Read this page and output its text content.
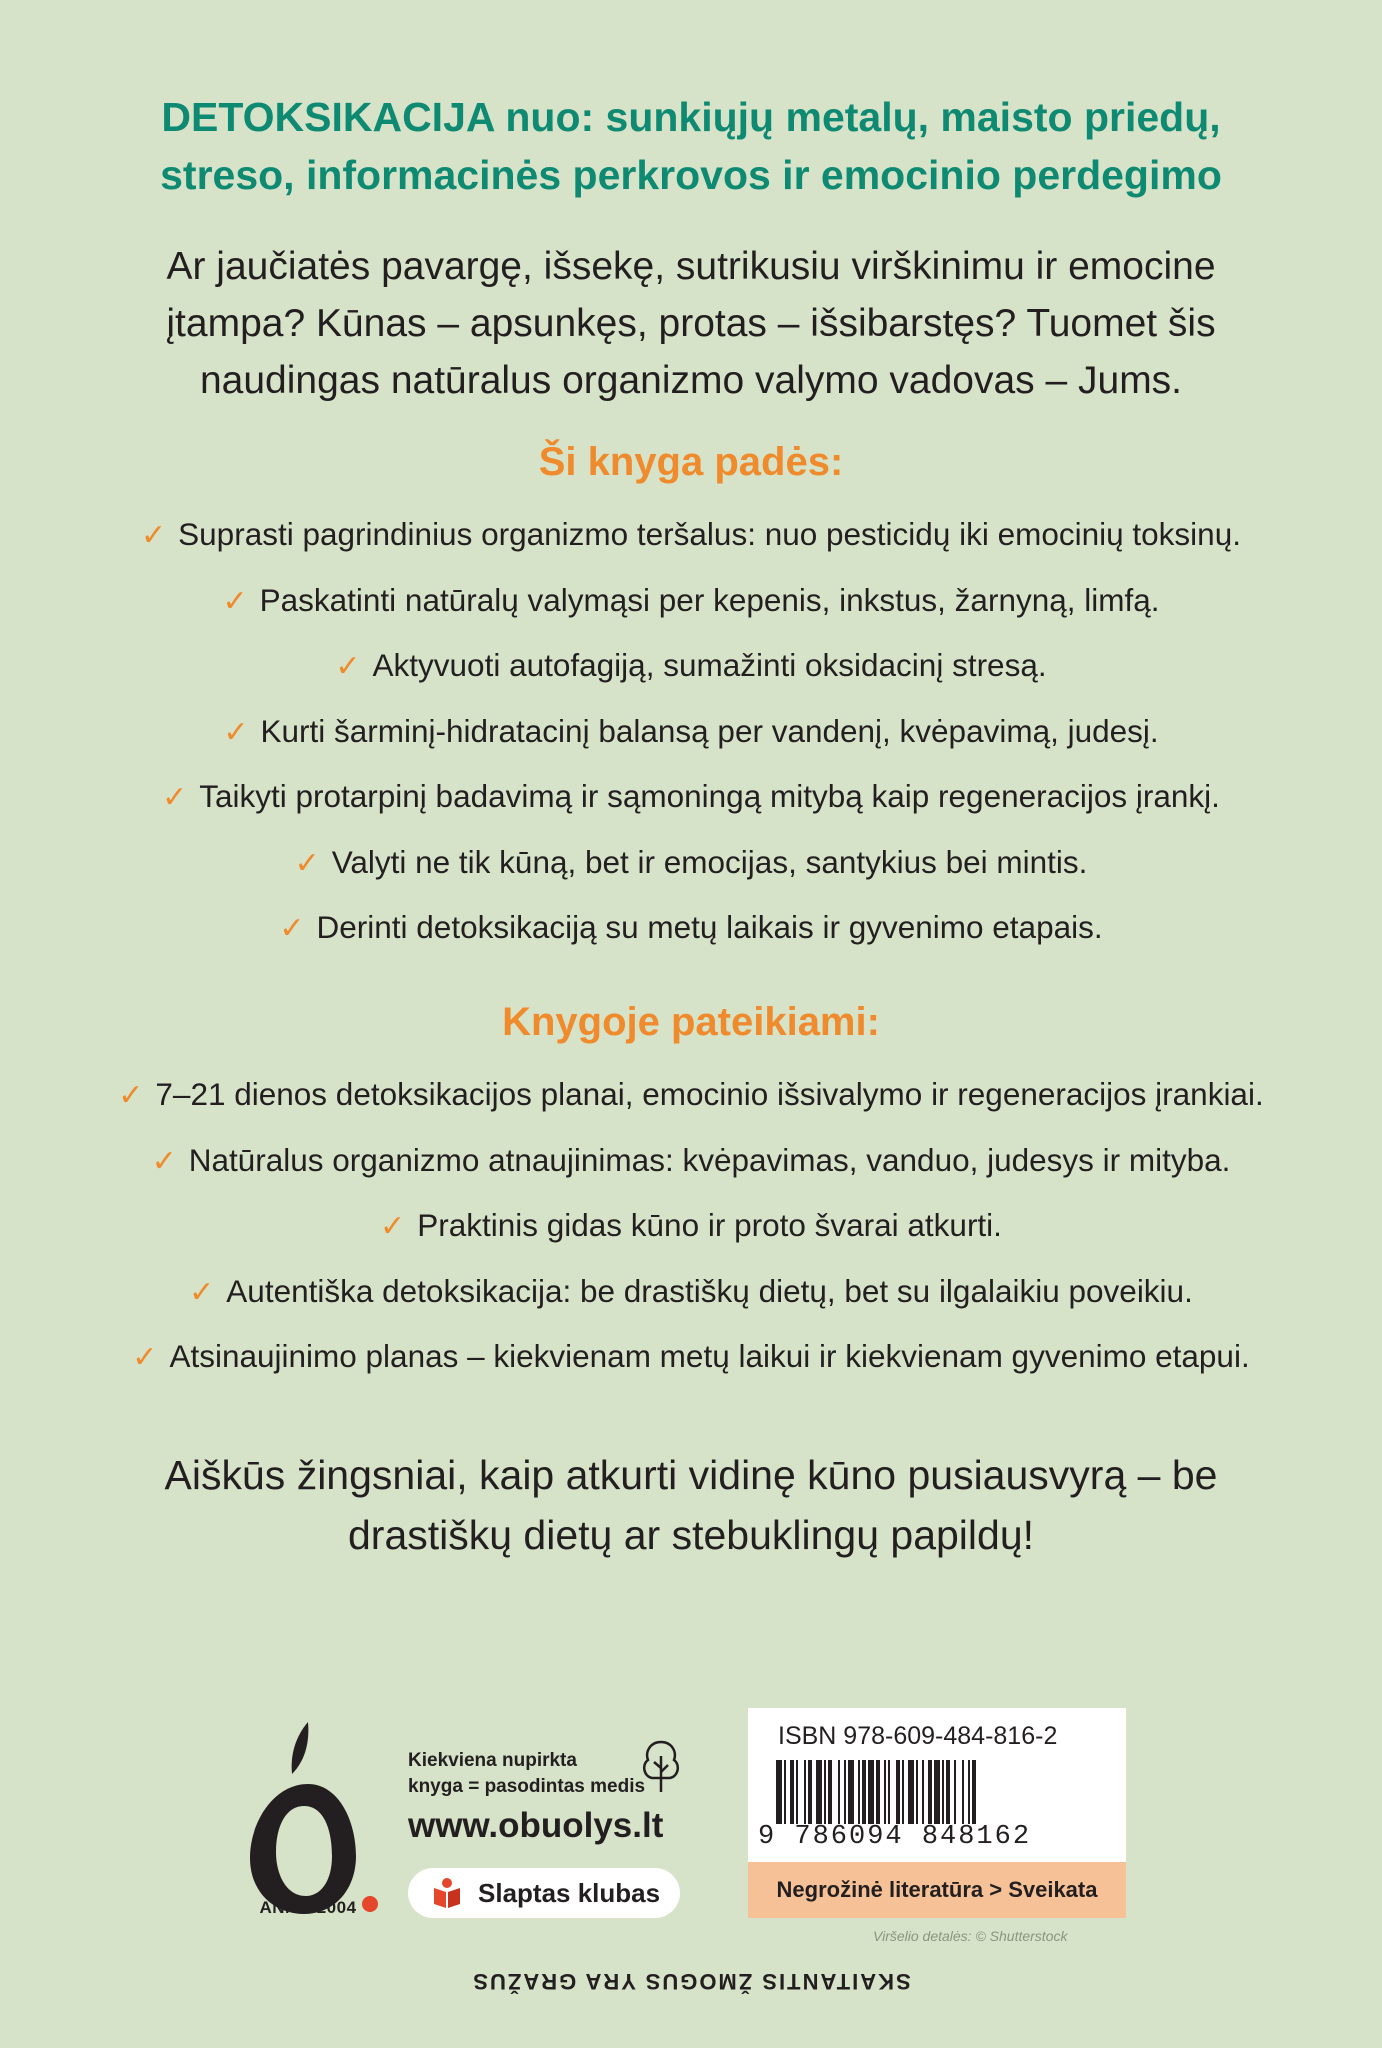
DETOKSIKACIJA nuo: sunkiųjų metalų, maisto priedų,
streso, informacinės perkrovos ir emocinio perdegimo
Ar jaučiatės pavargę, išsekę, sutrikusiu virškinimu ir emocine
įtampa? Kūnas – apsunkęs, protas – išsibarstęs? Tuomet šis
naudingas natūralus organizmo valymo vadovas – Jums.
Ši knyga padės:
✓ Suprasti pagrindinius organizmo teršalus: nuo pesticidų iki emocinių toksinų.
✓ Paskatinti natūralų valymąsi per kepenis, inkstus, žarnyną, limfą.
✓ Aktyvuoti autofagiją, sumažinti oksidacinį stresą.
✓ Kurti šarminį-hidratacinį balansą per vandenį, kvėpavimą, judesį.
✓ Taikyti protarpinį badavimą ir sąmoningą mitybą kaip regeneracijos įrankį.
✓ Valyti ne tik kūną, bet ir emocijas, santykius bei mintis.
✓ Derinti detoksikaciją su metų laikais ir gyvenimo etapais.
Knygoje pateikiami:
✓ 7–21 dienos detoksikacijos planai, emocinio išsivalymo ir regeneracijos įrankiai.
✓ Natūralus organizmo atnaujinimas: kvėpavimas, vanduo, judesys ir mityba.
✓ Praktinis gidas kūno ir proto švarai atkurti.
✓ Autentiška detoksikacija: be drastiškų dietų, bet su ilgalaikiu poveikiu.
✓ Atsinaujinimo planas – kiekvienam metų laikui ir kiekvienam gyvenimo etapui.
Aiškūs žingsniai, kaip atkurti vidinę kūno pusiausvyrą – be
drastiškų dietų ar stebuklingų papildų!
ANNO 2004
Kiekviena nupirkta
knyga = pasodintas medis
www.obuolys.lt
Slaptas klubas
ISBN 978-609-484-816-2
9 786094 848162
Negrožinė literatūra > Sveikata
Viršelio detalės: © Shutterstock
SKAITANTIS ŽMOGUS YRA GRAŽUS
